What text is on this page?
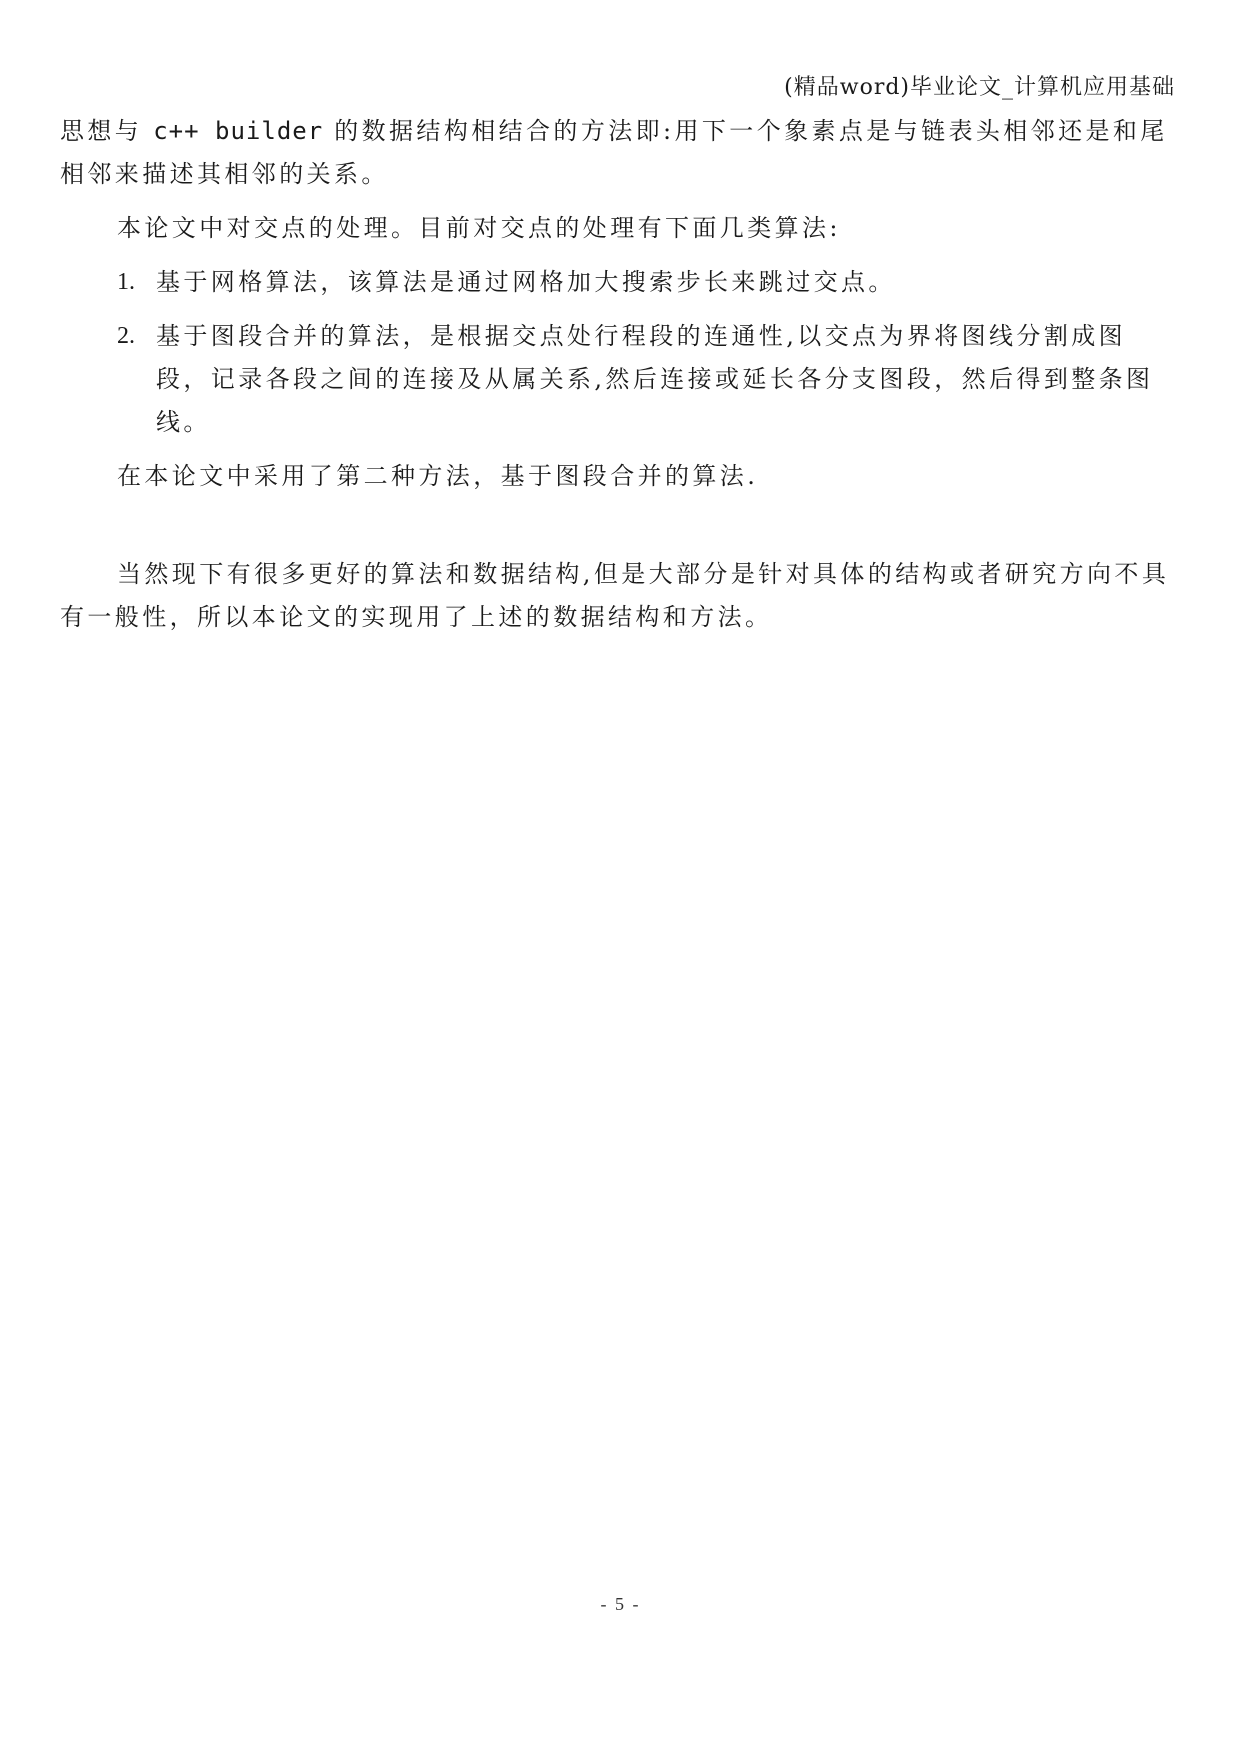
(精品word)毕业论文_计算机应用基础

思想与 c++ builder 的数据结构相结合的方法即:用下一个象素点是与链表头相邻还是和尾相邻来描述其相邻的关系。

本论文中对交点的处理。目前对交点的处理有下面几类算法:

1. 基于网格算法，该算法是通过网格加大搜索步长来跳过交点。
2. 基于图段合并的算法，是根据交点处行程段的连通性,以交点为界将图线分割成图段，记录各段之间的连接及从属关系,然后连接或延长各分支图段，然后得到整条图线。

在本论文中采用了第二种方法，基于图段合并的算法.

当然现下有很多更好的算法和数据结构,但是大部分是针对具体的结构或者研究方向不具有一般性，所以本论文的实现用了上述的数据结构和方法。

- 5 -
